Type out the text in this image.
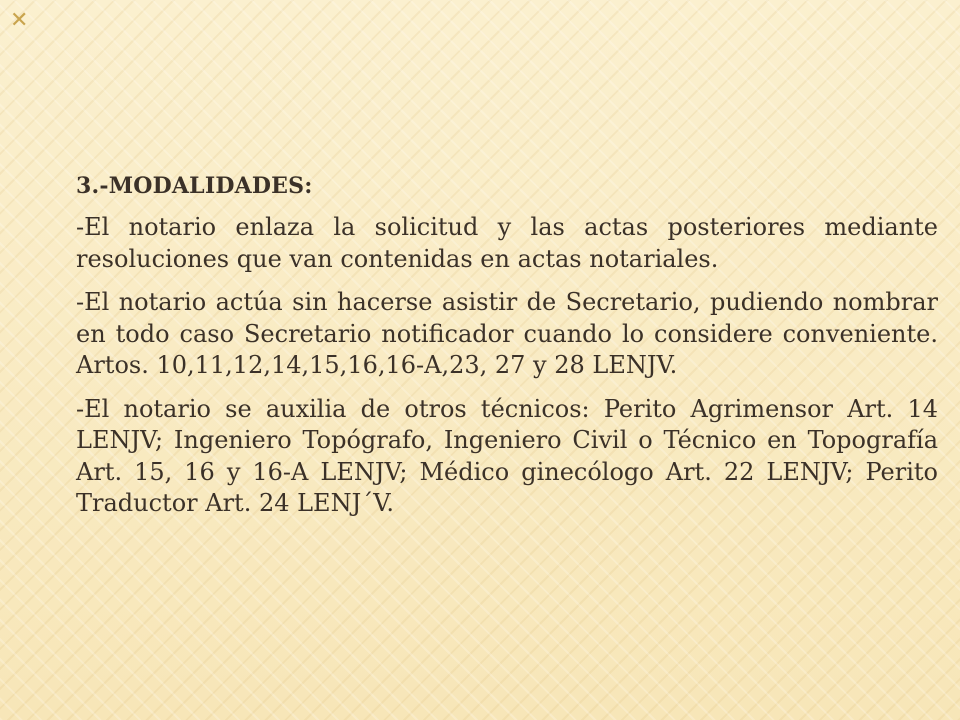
✕
3.-MODALIDADES:

-El notario enlaza la solicitud y las actas posteriores mediante resoluciones que van contenidas en actas notariales.

-El notario actúa sin hacerse asistir de Secretario, pudiendo nombrar en todo caso Secretario notificador cuando lo considere conveniente. Artos. 10,11,12,14,15,16,16-A,23, 27 y 28 LENJV.

-El notario se auxilia de otros técnicos: Perito Agrimensor Art. 14 LENJV; Ingeniero Topógrafo, Ingeniero Civil o Técnico en Topografía Art. 15, 16 y 16-A LENJV; Médico ginecólogo Art. 22 LENJV; Perito Traductor Art. 24 LENJ´V.
